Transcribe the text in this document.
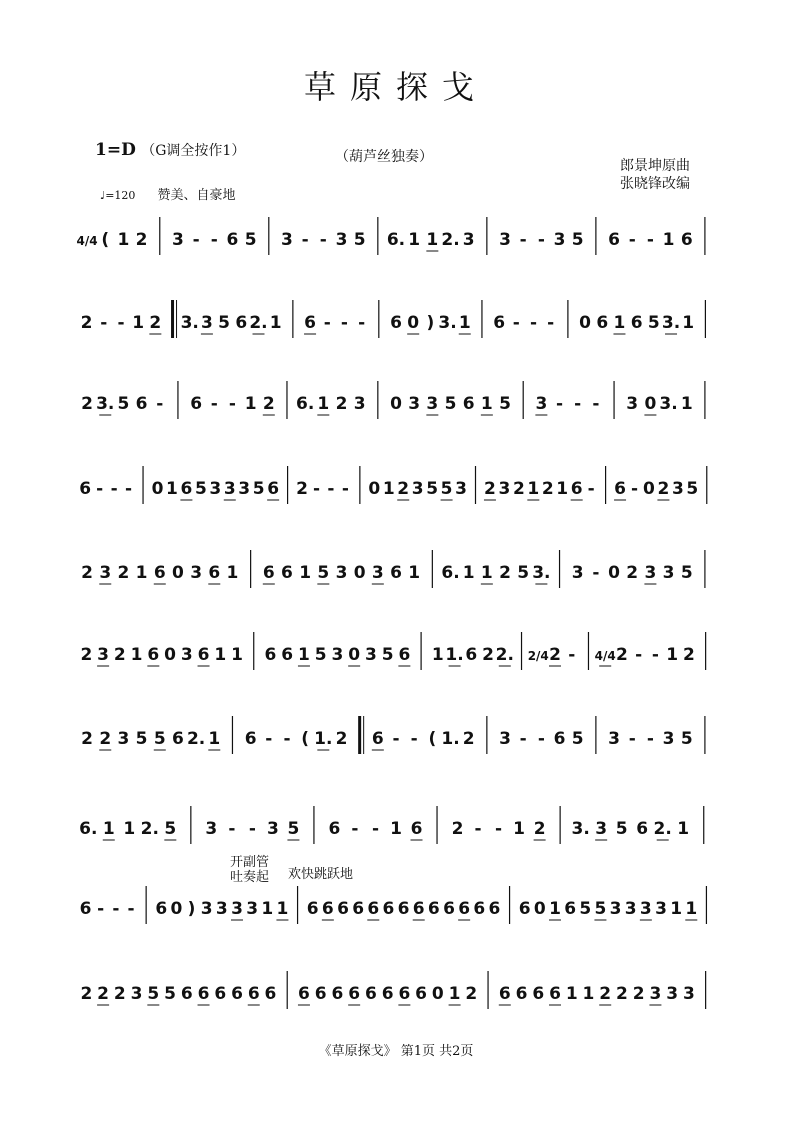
草原探戈
1=D （G调全按作1）	（葫芦丝独奏）
郎景坤原曲
张晓锋改编
♩=120 赞美、自豪地
开副管
吐奏起 欢快跳跃地
4/4 ( 1 2 3 - - 6 5 3 - - 3 5 6. 1 1 2. 3 3 - - 3 5 6 - - 1 6
2 - - 1 2 3. 3 5 6 2. 1 6 - - - 6 0 ) 3. 1 6 - - - 0 6 1 6 5 3. 1
2 3. 5 6 - 6 - - 1 2 6. 1 2 3 0 3 3 5 6 1 5 3 - - - 3 0 3. 1
6 - - - 0 1 6 5 3 3 3 5 6 2 - - - 0 1 2 3 5 5 3 2 3 2 1 2 1 6 - 6 - 0 2 3 5
2 3 2 1 6 0 3 6 1 6 6 1 5 3 0 3 6 1 6. 1 1 2 5 3. 3 - 0 2 3 3 5
2 3 2 1 6 0 3 6 1 1 6 6 1 5 3 0 3 5 6 1 1. 6 2 2. 2/4 2 - 4/4 2 - - 1 2
2 2 3 5 5 6 2. 1 6 - - ( 1. 2 6 - - ( 1. 2 3 - - 6 5 3 - - 3 5
6. 1 1 2. 5 3 - - 3 5 6 - - 1 6 2 - - 1 2 3. 3 5 6 2. 1
6 - - - 6 0 ) 3 3 3 3 1 1 6 6 6 6 6 6 6 6 6 6 6 6 6 6 0 1 6 5 5 3 3 3 3 1 1
2 2 2 3 5 5 6 6 6 6 6 6 6 6 6 6 6 6 6 6 0 1 2 6 6 6 6 1 1 2 2 2 3 3 3
《草原探戈》 第1页 共2页
